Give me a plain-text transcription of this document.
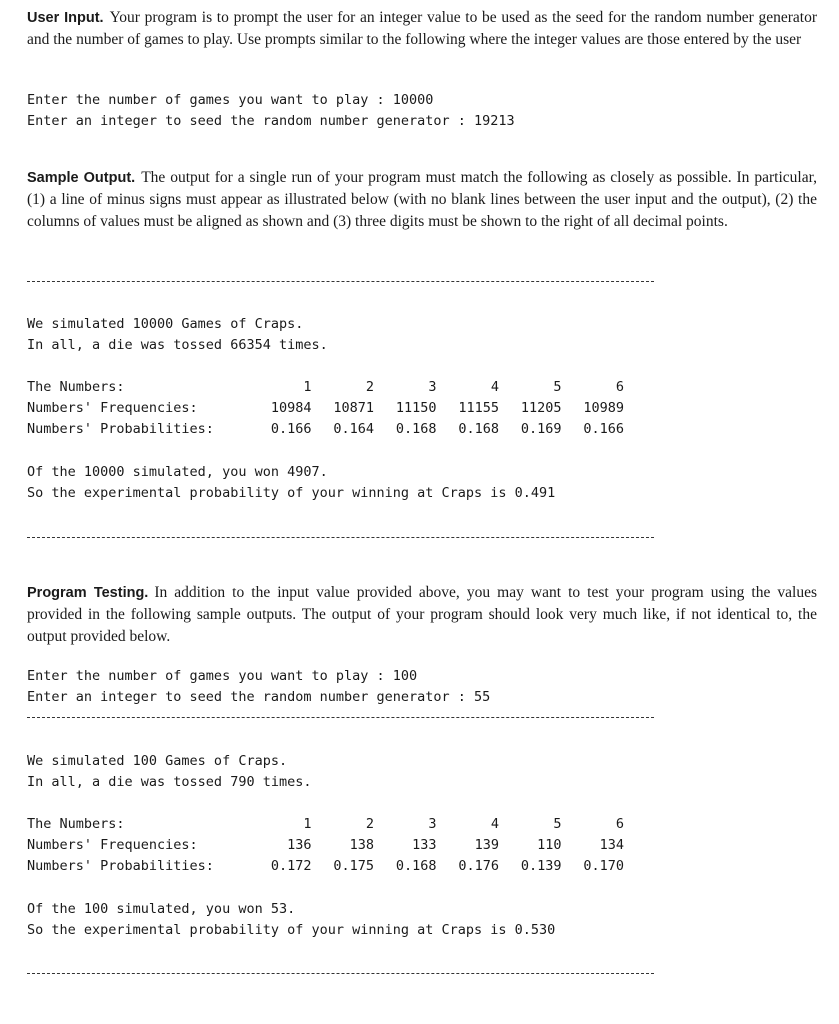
User Input. Your program is to prompt the user for an integer value to be used as the seed for the random number generator and the number of games to play. Use prompts similar to the following where the integer values are those entered by the user

Enter the number of games you want to play : 10000
Enter an integer to seed the random number generator : 19213

Sample Output. The output for a single run of your program must match the following as closely as possible. In particular, (1) a line of minus signs must appear as illustrated below (with no blank lines between the user input and the output), (2) the columns of values must be aligned as shown and (3) three digits must be shown to the right of all decimal points.

We simulated 10000 Games of Craps.
In all, a die was tossed 66354 times.
The Numbers:	1	2	3	4	5	6
Numbers' Frequencies:	10984	10871	11150	11155	11205	10989
Numbers' Probabilities:	0.166	0.164	0.168	0.168	0.169	0.166
Of the 10000 simulated, you won 4907.
So the experimental probability of your winning at Craps is 0.491

Program Testing. In addition to the input value provided above, you may want to test your program using the values provided in the following sample outputs. The output of your program should look very much like, if not identical to, the output provided below.

Enter the number of games you want to play : 100
Enter an integer to seed the random number generator : 55
We simulated 100 Games of Craps.
In all, a die was tossed 790 times.
The Numbers:	1	2	3	4	5	6
Numbers' Frequencies:	136	138	133	139	110	134
Numbers' Probabilities:	0.172	0.175	0.168	0.176	0.139	0.170
Of the 100 simulated, you won 53.
So the experimental probability of your winning at Craps is 0.530
